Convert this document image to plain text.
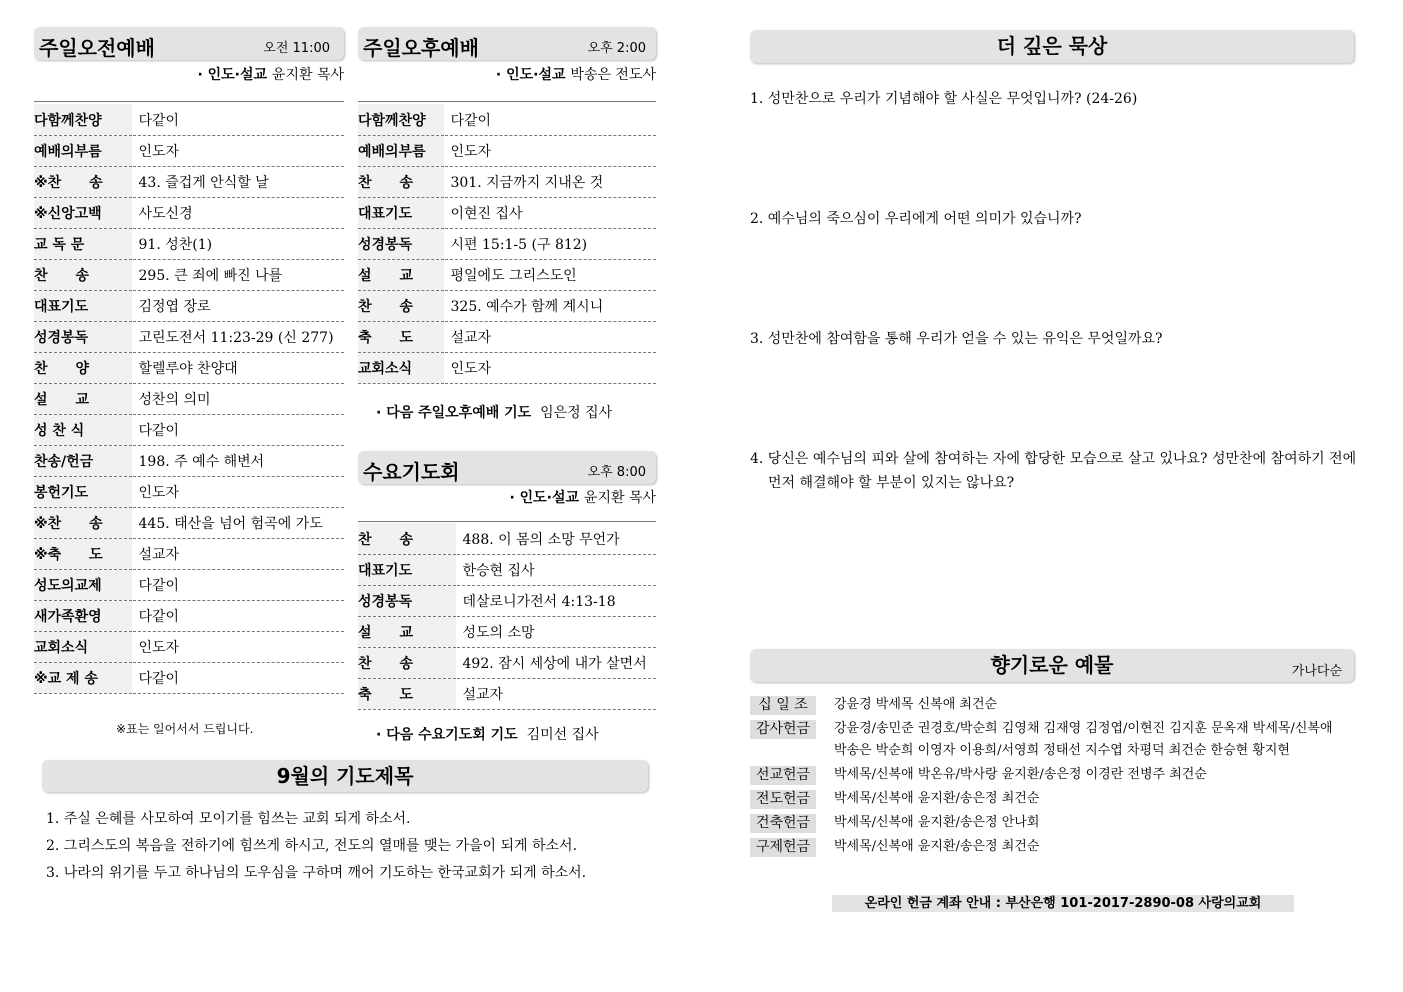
주일오전예배	오전 11:00
· 인도·설교 윤지환 목사
다함께찬양	다같이
예배의부름	인도자
※찬　　송	43. 즐겁게 안식할 날
※신앙고백	사도신경
교 독 문	91. 성찬(1)
찬　　송	295. 큰 죄에 빠진 나를
대표기도	김정엽 장로
성경봉독	고린도전서 11:23-29 (신 277)
찬　　양	할렐루야 찬양대
설　　교	성찬의 의미
성 찬 식	다같이
찬송/헌금	198. 주 예수 해변서
봉헌기도	인도자
※찬　　송	445. 태산을 넘어 험곡에 가도
※축　　도	설교자
성도의교제	다같이
새가족환영	다같이
교회소식	인도자
※교 제 송	다같이
※표는 일어서서 드립니다.
주일오후예배	오후 2:00
· 인도·설교 박송은 전도사
다함께찬양	다같이
예배의부름	인도자
찬　　송	301. 지금까지 지내온 것
대표기도	이현진 집사
성경봉독	시편 15:1-5 (구 812)
설　　교	평일에도 그리스도인
찬　　송	325. 예수가 함께 계시니
축　　도	설교자
교회소식	인도자
· 다음 주일오후예배 기도 임은정 집사
수요기도회	오후 8:00
· 인도·설교 윤지환 목사
찬　　송	488. 이 몸의 소망 무언가
대표기도	한승현 집사
성경봉독	데살로니가전서 4:13-18
설　　교	성도의 소망
찬　　송	492. 잠시 세상에 내가 살면서
축　　도	설교자
· 다음 수요기도회 기도 김미선 집사
9월의 기도제목
1. 주실 은혜를 사모하여 모이기를 힘쓰는 교회 되게 하소서.
2. 그리스도의 복음을 전하기에 힘쓰게 하시고, 전도의 열매를 맺는 가을이 되게 하소서.
3. 나라의 위기를 두고 하나님의 도우심을 구하며 깨어 기도하는 한국교회가 되게 하소서.
더 깊은 묵상
1. 성만찬으로 우리가 기념해야 할 사실은 무엇입니까? (24-26)
2. 예수님의 죽으심이 우리에게 어떤 의미가 있습니까?
3. 성만찬에 참여함을 통해 우리가 얻을 수 있는 유익은 무엇일까요?
4. 당신은 예수님의 피와 살에 참여하는 자에 합당한 모습으로 살고 있나요? 성만찬에 참여하기 전에 먼저 해결해야 할 부분이 있지는 않나요?
향기로운 예물	가나다순
십 일 조	강윤경 박세목 신복애 최건순
감사헌금	강윤경/송민준 권경호/박순희 김영채 김재영 김정엽/이현진 김지훈 문옥재 박세목/신복애 박송은 박순희 이영자 이용희/서영희 정태선 지수엽 차평덕 최건순 한승현 황지현
선교헌금	박세목/신복애 박온유/박사랑 윤지환/송은정 이경란 전병주 최건순
전도헌금	박세목/신복애 윤지환/송은정 최건순
건축헌금	박세목/신복애 윤지환/송은정 안나회
구제헌금	박세목/신복애 윤지환/송은정 최건순
온라인 헌금 계좌 안내 : 부산은행 101-2017-2890-08 사랑의교회
